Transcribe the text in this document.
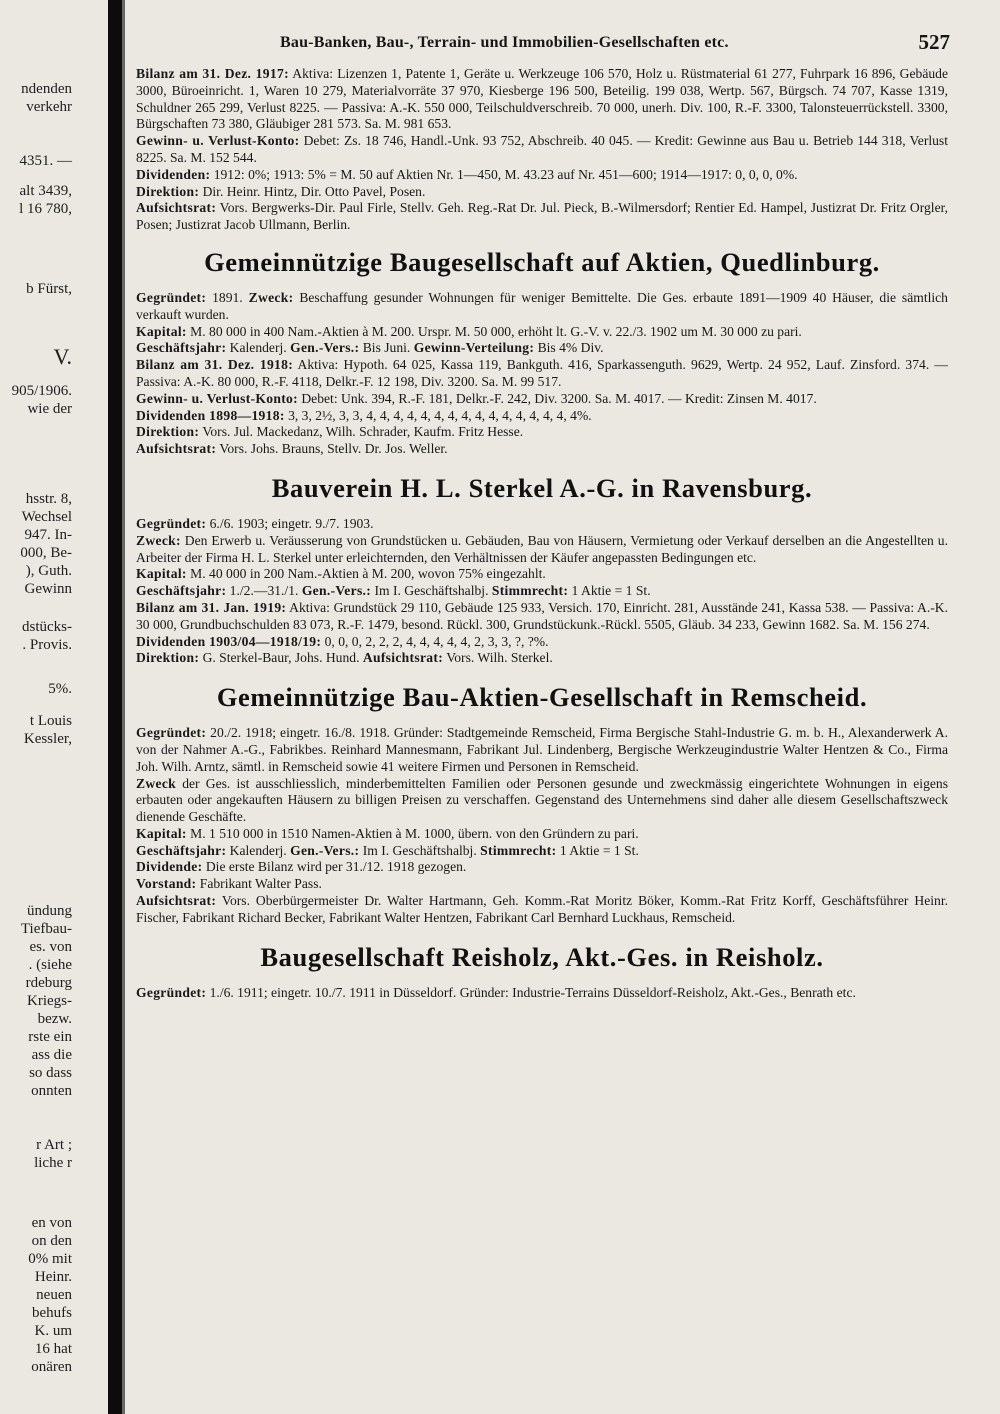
ndenden
verkehr
4351. —
alt 3439,
l 16 780,
b Fürst,
V.
905/1906.
wie der
hsstr. 8,
Wechsel
947. In-
000, Be-
), Guth.
Gewinn
dstücks-
. Provis.
5%.
t Louis
Kessler,
ündung
Tiefbau-
es. von
. (siehe
rdeburg
Kriegs-
bezw.
rste ein
ass die
so dass
onnten
r Art ;
liche r
en von
on den
0% mit
Heinr.
neuen
behufs
K. um
16 hat
onären
Bau-Banken, Bau-, Terrain- und Immobilien-Gesellschaften etc.	527

Bilanz am 31. Dez. 1917: Aktiva: Lizenzen 1, Patente 1, Geräte u. Werkzeuge 106 570, Holz u. Rüstmaterial 61 277, Fuhrpark 16 896, Gebäude 3000, Büroeinricht. 1, Waren 10 279, Materialvorräte 37 970, Kiesberge 196 500, Beteilig. 199 038, Wertp. 567, Bürgsch. 74 707, Kasse 1319, Schuldner 265 299, Verlust 8225. — Passiva: A.-K. 550 000, Teilschuldverschreib. 70 000, unerh. Div. 100, R.-F. 3300, Talonsteuerrückstell. 3300, Bürgschaften 73 380, Gläubiger 281 573. Sa. M. 981 653.

Gewinn- u. Verlust-Konto: Debet: Zs. 18 746, Handl.-Unk. 93 752, Abschreib. 40 045. — Kredit: Gewinne aus Bau u. Betrieb 144 318, Verlust 8225. Sa. M. 152 544.

Dividenden: 1912: 0%; 1913: 5% = M. 50 auf Aktien Nr. 1—450, M. 43.23 auf Nr. 451—600; 1914—1917: 0, 0, 0, 0%.

Direktion: Dir. Heinr. Hintz, Dir. Otto Pavel, Posen.

Aufsichtsrat: Vors. Bergwerks-Dir. Paul Firle, Stellv. Geh. Reg.-Rat Dr. Jul. Pieck, B.-Wilmersdorf; Rentier Ed. Hampel, Justizrat Dr. Fritz Orgler, Posen; Justizrat Jacob Ullmann, Berlin.

Gemeinnützige Baugesellschaft auf Aktien, Quedlinburg.

Gegründet: 1891. Zweck: Beschaffung gesunder Wohnungen für weniger Bemittelte. Die Ges. erbaute 1891—1909 40 Häuser, die sämtlich verkauft wurden.

Kapital: M. 80 000 in 400 Nam.-Aktien à M. 200. Urspr. M. 50 000, erhöht lt. G.-V. v. 22./3. 1902 um M. 30 000 zu pari.

Geschäftsjahr: Kalenderj. Gen.-Vers.: Bis Juni. Gewinn-Verteilung: Bis 4% Div.

Bilanz am 31. Dez. 1918: Aktiva: Hypoth. 64 025, Kassa 119, Bankguth. 416, Sparkassenguth. 9629, Wertp. 24 952, Lauf. Zinsford. 374. — Passiva: A.-K. 80 000, R.-F. 4118, Delkr.-F. 12 198, Div. 3200. Sa. M. 99 517.

Gewinn- u. Verlust-Konto: Debet: Unk. 394, R.-F. 181, Delkr.-F. 242, Div. 3200. Sa. M. 4017. — Kredit: Zinsen M. 4017.

Dividenden 1898—1918: 3, 3, 2½, 3, 3, 4, 4, 4, 4, 4, 4, 4, 4, 4, 4, 4, 4, 4, 4, 4, 4%.

Direktion: Vors. Jul. Mackedanz, Wilh. Schrader, Kaufm. Fritz Hesse.

Aufsichtsrat: Vors. Johs. Brauns, Stellv. Dr. Jos. Weller.

Bauverein H. L. Sterkel A.-G. in Ravensburg.

Gegründet: 6./6. 1903; eingetr. 9./7. 1903.

Zweck: Den Erwerb u. Veräusserung von Grundstücken u. Gebäuden, Bau von Häusern, Vermietung oder Verkauf derselben an die Angestellten u. Arbeiter der Firma H. L. Sterkel unter erleichternden, den Verhältnissen der Käufer angepassten Bedingungen etc.

Kapital: M. 40 000 in 200 Nam.-Aktien à M. 200, wovon 75% eingezahlt.

Geschäftsjahr: 1./2.—31./1. Gen.-Vers.: Im I. Geschäftshalbj. Stimmrecht: 1 Aktie = 1 St.

Bilanz am 31. Jan. 1919: Aktiva: Grundstück 29 110, Gebäude 125 933, Versich. 170, Einricht. 281, Ausstände 241, Kassa 538. — Passiva: A.-K. 30 000, Grundbuchschulden 83 073, R.-F. 1479, besond. Rückl. 300, Grundstückunk.-Rückl. 5505, Gläub. 34 233, Gewinn 1682. Sa. M. 156 274.

Dividenden 1903/04—1918/19: 0, 0, 0, 2, 2, 2, 4, 4, 4, 4, 4, 2, 3, 3, ?, ?%.

Direktion: G. Sterkel-Baur, Johs. Hund. Aufsichtsrat: Vors. Wilh. Sterkel.

Gemeinnützige Bau-Aktien-Gesellschaft in Remscheid.

Gegründet: 20./2. 1918; eingetr. 16./8. 1918. Gründer: Stadtgemeinde Remscheid, Firma Bergische Stahl-Industrie G. m. b. H., Alexanderwerk A. von der Nahmer A.-G., Fabrikbes. Reinhard Mannesmann, Fabrikant Jul. Lindenberg, Bergische Werkzeugindustrie Walter Hentzen & Co., Firma Joh. Wilh. Arntz, sämtl. in Remscheid sowie 41 weitere Firmen und Personen in Remscheid.

Zweck der Ges. ist ausschliesslich, minderbemittelten Familien oder Personen gesunde und zweckmässig eingerichtete Wohnungen in eigens erbauten oder angekauften Häusern zu billigen Preisen zu verschaffen. Gegenstand des Unternehmens sind daher alle diesem Gesellschaftszweck dienende Geschäfte.

Kapital: M. 1 510 000 in 1510 Namen-Aktien à M. 1000, übern. von den Gründern zu pari.

Geschäftsjahr: Kalenderj. Gen.-Vers.: Im I. Geschäftshalbj. Stimmrecht: 1 Aktie = 1 St.

Dividende: Die erste Bilanz wird per 31./12. 1918 gezogen.

Vorstand: Fabrikant Walter Pass.

Aufsichtsrat: Vors. Oberbürgermeister Dr. Walter Hartmann, Geh. Komm.-Rat Moritz Böker, Komm.-Rat Fritz Korff, Geschäftsführer Heinr. Fischer, Fabrikant Richard Becker, Fabrikant Walter Hentzen, Fabrikant Carl Bernhard Luckhaus, Remscheid.

Baugesellschaft Reisholz, Akt.-Ges. in Reisholz.

Gegründet: 1./6. 1911; eingetr. 10./7. 1911 in Düsseldorf. Gründer: Industrie-Terrains Düsseldorf-Reisholz, Akt.-Ges., Benrath etc.
